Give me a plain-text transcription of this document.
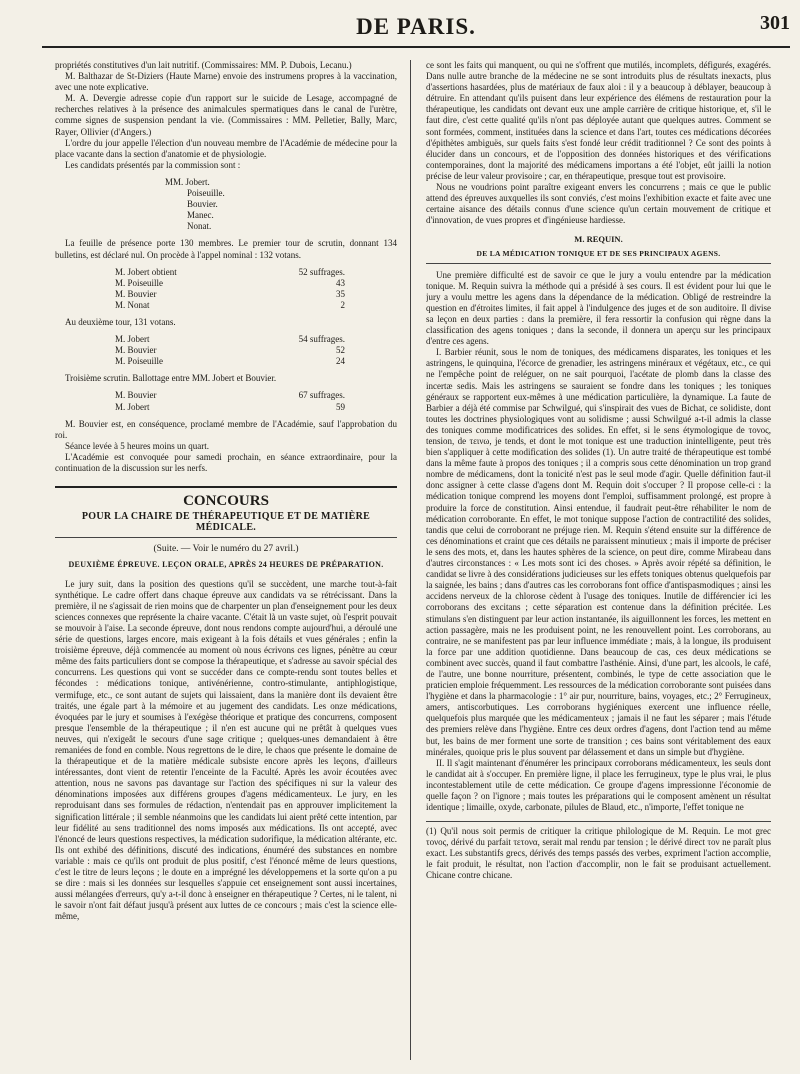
DE PARIS.	301

propriétés constitutives d'un lait nutritif. (Commissaires: MM. P. Dubois, Lecanu.)

M. Balthazar de St-Diziers (Haute Marne) envoie des instrumens propres à la vaccination, avec une note explicative.

M. A. Devergie adresse copie d'un rapport sur le suicide de Lesage, accompagné de recherches relatives à la présence des animalcules spermatiques dans le canal de l'urètre, comme signes de suspension pendant la vie. (Commissaires : MM. Pelletier, Bally, Marc, Rayer, Ollivier (d'Angers.)

L'ordre du jour appelle l'élection d'un nouveau membre de l'Académie de médecine pour la place vacante dans la section d'anatomie et de physiologie.

Les candidats présentés par la commission sont :

MM. Jobert.
Poiseuille.
Bouvier.
Manec.
Nonat.

La feuille de présence porte 130 membres. Le premier tour de scrutin, donnant 134 bulletins, est déclaré nul. On procède à l'appel nominal : 132 votans.

M. Jobert obtient	52 suffrages.
M. Poiseuille	43
M. Bouvier	35
M. Nonat	2

Au deuxième tour, 131 votans.

M. Jobert	54 suffrages.
M. Bouvier	52
M. Poiseuille	24

Troisième scrutin. Ballottage entre MM. Jobert et Bouvier.

M. Bouvier	67 suffrages.
M. Jobert	59

M. Bouvier est, en conséquence, proclamé membre de l'Académie, sauf l'approbation du roi.

Séance levée à 5 heures moins un quart.

L'Académie est convoquée pour samedi prochain, en séance extraordinaire, pour la continuation de la discussion sur les nerfs.

CONCOURS
POUR LA CHAIRE DE THÉRAPEUTIQUE ET DE MATIÈRE MÉDICALE.
(Suite. — Voir le numéro du 27 avril.)
DEUXIÈME ÉPREUVE. LEÇON ORALE, APRÈS 24 HEURES DE PRÉPARATION.

Le jury suit, dans la position des questions qu'il se succèdent, une marche tout-à-fait synthétique. Le cadre offert dans chaque épreuve aux candidats va se rétrécissant. Dans la première, il ne s'agissait de rien moins que de charpenter un plan d'enseignement pour les deux sciences connexes que représente la chaire vacante. C'était là un vaste sujet, où l'esprit pouvait se mouvoir à l'aise. La seconde épreuve, dont nous rendons compte aujourd'hui, a déroulé une série de questions, larges encore, mais exigeant à la fois détails et vues générales ; enfin la troisième épreuve, déjà commencée au moment où nous écrivons ces lignes, pénètre au cœur même des faits particuliers dont se compose la thérapeutique, et s'adresse au savoir spécial des concurrens. Les questions qui vont se succéder dans ce compte-rendu sont toutes belles et fécondes : médications tonique, antivénérienne, contro-stimulante, antiphlogistique, vermifuge, etc., ce sont autant de sujets qui laissaient, dans la manière dont ils devaient être traités, une égale part à la mémoire et au jugement des candidats. Les onze médications, évoquées par le jury et soumises à l'exégèse théorique et pratique des concurrens, composent presque l'ensemble de la thérapeutique ; il n'en est aucune qui ne prêtât à quelques vues neuves, qui n'exigeât le secours d'une sage critique ; quelques-unes demandaient à être remaniées de fond en comble. Nous regrettons de le dire, le chaos que présente le domaine de la thérapeutique et de la matière médicale subsiste encore après les leçons, d'ailleurs intéressantes, dont vient de retentir l'enceinte de la Faculté. Après les avoir écoutées avec attention, nous ne savons pas davantage sur l'action des spécifiques ni sur la valeur des dénominations imposées aux différens groupes d'agens médicamenteux. Le jury, en les reproduisant dans ses formules de rédaction, n'entendait pas en approuver implicitement la signification littérale ; il semble néanmoins que les candidats lui aient prêté cette intention, par leur fidélité au sens traditionnel des noms imposés aux médications. Ils ont accepté, avec l'énoncé de leurs questions respectives, la médication sudorifique, la médication altérante, etc. Ils ont exhibé des définitions, discuté des indications, énuméré des substances en nombre variable : mais ce qu'ils ont produit de plus positif, c'est l'énoncé même de leurs questions, c'est le titre de leurs leçons ; le doute en a imprégné les développemens et la sorte qu'on a pu se dire : mais si les données sur lesquelles s'appuie cet enseignement sont aussi incertaines, aussi mélangées d'erreurs, qu'y a-t-il donc à enseigner en thérapeutique ? Certes, ni le talent, ni le savoir n'ont fait défaut jusqu'à présent aux luttes de ce concours ; mais c'est la science elle-même,

ce sont les faits qui manquent, ou qui ne s'offrent que mutilés, incomplets, défigurés, exagérés. Dans nulle autre branche de la médecine ne se sont introduits plus de résultats inexacts, plus d'assertions hasardées, plus de matériaux de faux aloi : il y a beaucoup à déblayer, beaucoup à détruire. En attendant qu'ils puisent dans leur expérience des élémens de restauration pour la thérapeutique, les candidats ont devant eux une ample carrière de critique historique, et, s'il le faut dire, c'est cette qualité qu'ils n'ont pas déployée autant que quelques autres. Comment se sont formées, comment, instituées dans la science et dans l'art, toutes ces médications décorées d'épithètes ambiguës, sur quels faits s'est fondé leur crédit traditionnel ? Ce sont des points à élucider dans un concours, et de l'opposition des données historiques et des vérifications contemporaines, dont la majorité des médicamens importans a été l'objet, eût jailli la notion précise de leur valeur provisoire ; car, en thérapeutique, presque tout est provisoire.

Nous ne voudrions point paraître exigeant envers les concurrens ; mais ce que le public attend des épreuves auxquelles ils sont conviés, c'est moins l'exhibition exacte et faite avec une certaine aisance des détails connus d'une science qu'un certain mouvement de critique et d'innovation, de vues propres et d'ingénieuse hardiesse.

M. REQUIN.
DE LA MÉDICATION TONIQUE ET DE SES PRINCIPAUX AGENS.

Une première difficulté est de savoir ce que le jury a voulu entendre par la médication tonique. M. Requin suivra la méthode qui a présidé à ses cours. Il est évident pour lui que le jury a voulu mettre les agens dans la dépendance de la médication. Obligé de restreindre la question en d'étroites limites, il fait appel à l'indulgence des juges et de son auditoire. Il divise sa leçon en deux parties : dans la première, il fera ressortir la confusion qui règne dans la classification des agens toniques ; dans la seconde, il donnera un aperçu sur les principaux d'entre ces agens.

I. Barbier réunit, sous le nom de toniques, des médicamens disparates, les toniques et les astringens, le quinquina, l'écorce de grenadier, les astringens minéraux et végétaux, etc., ce qui ne l'empêche point de reléguer, on ne sait pourquoi, l'acétate de plomb dans la classe des incertæ sedis. Mais les astringens se sauraient se fondre dans les toniques ; les toniques généraux se rapportent eux-mêmes à une médication particulière, la dynamique. La faute de Barbier a déjà été commise par Schwilgué, qui s'inspirait des vues de Bichat, ce solidiste, dont toutes les doctrines physiologiques vont au solidisme ; aussi Schwilgué a-t-il admis la classe des toniques comme modificatrices des solides. En effet, si le sens étymologique de τονος, tension, de τεινω, je tends, et dont le mot tonique est une traduction inintelligente, peut très bien s'appliquer à cette modification des solides (1). Un autre traité de thérapeutique est tombé dans la même faute à propos des toniques ; il a compris sous cette dénomination un trop grand nombre de médicamens, dont la tonicité n'est pas le seul mode d'agir. Quelle définition faut-il donc assigner à cette classe d'agens dont M. Requin doit s'occuper ? Il propose celle-ci : la médication tonique comprend les moyens dont l'emploi, suffisamment prolongé, est propre à produire la force de constitution. Ainsi entendue, il faudrait peut-être réhabiliter le nom de médication corroborante. En effet, le mot tonique suppose l'action de contractilité des solides, tandis que celui de corroborant ne préjuge rien. M. Requin s'étend ensuite sur la différence de ces dénominations et craint que ces détails ne paraissent minutieux ; mais il importe de préciser le sens des mots, et, dans les hautes sphères de la science, on peut dire, comme Mirabeau dans d'autres circonstances : « Les mots sont ici des choses. » Après avoir répété sa définition, le candidat se livre à des considérations judicieuses sur les effets toniques obtenus quelquefois par la saignée, les bains ; dans d'autres cas les corroborans font office d'antispasmodiques ; ainsi les accidens nerveux de la chlorose cèdent à l'usage des toniques. Inutile de différencier ici les corroborans des excitans ; cette séparation est contenue dans la définition précitée. Les stimulans s'en distinguent par leur action instantanée, ils aiguillonnent les forces, les mettent en action passagère, mais ne les produisent point, ne les renouvellent point. Les corroborans, au contraire, ne se manifestent pas par leur influence immédiate ; mais, à la longue, ils produisent la force par une addition quotidienne. Dans beaucoup de cas, ces deux médications se combinent avec succès, quand il faut combattre l'asthénie. Ainsi, d'une part, les alcools, le café, de l'autre, une bonne nourriture, présentent, combinés, le type de cette association que le praticien emploie fréquemment. Les ressources de la médication corroborante sont puisées dans l'hygiène et dans la pharmacologie : 1° air pur, nourriture, bains, voyages, etc.; 2° Ferrugineux, amers, antiscorbutiques. Les corroborans hygiéniques exercent une influence réelle, quelquefois plus marquée que les médicamenteux ; jamais il ne faut les séparer ; mais l'étude des premiers relève dans l'hygiène. Entre ces deux ordres d'agens, dont l'action tend au même but, les bains de mer forment une sorte de transition ; ces bains sont véritablement des eaux minérales, quoique pris le plus souvent par délassement et dans un simple but d'hygiène.

II. Il s'agit maintenant d'énumérer les principaux corroborans médicamenteux, les seuls dont le candidat ait à s'occuper. En première ligne, il place les ferrugineux, type le plus vrai, le plus incontestablement utile de cette médication. Ce groupe d'agens impressionne l'économie de quelle façon ? on l'ignore ; mais toutes les préparations qui le composent amènent un résultat identique ; limaille, oxyde, carbonate, pilules de Blaud, etc., n'importe, l'effet tonique ne

(1) Qu'il nous soit permis de critiquer la critique philologique de M. Requin. Le mot grec τονος, dérivé du parfait τετονα, serait mal rendu par tension ; le dérivé direct τον ne paraît plus exact. Les substantifs grecs, dérivés des temps passés des verbes, expriment l'action accomplie, le fait produit, le résultat, non l'action d'accomplir, non le fait se produisant actuellement. Chicane contre chicane.
